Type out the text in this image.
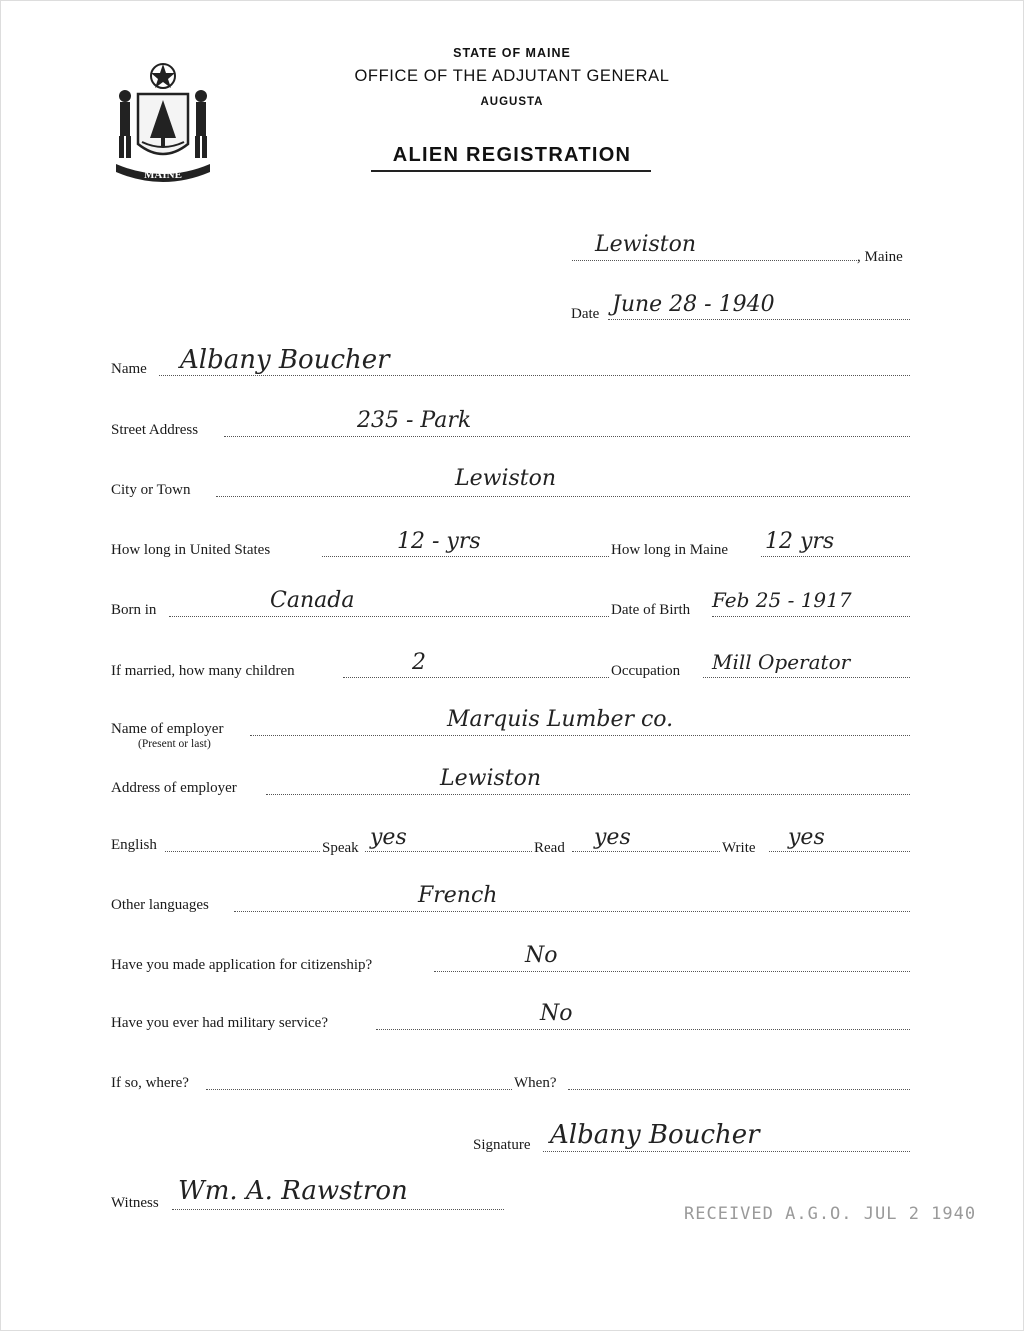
MAINE
STATE OF MAINE
OFFICE OF THE ADJUTANT GENERAL
AUGUSTA
ALIEN REGISTRATION
Lewiston	, Maine
Date June 28 - 1940
Name Albany Boucher
Street Address	235 - Park
City or Town	Lewiston
How long in United States	12 - yrs	How long in Maine 12 yrs
Born in	Canada	Date of Birth Feb 25 - 1917
If married, how many children	2	Occupation Mill Operator
Name of employer
(Present or last)
Marquis Lumber co.
Address of employer	Lewiston
English	Speak yes	Read yes	Write yes
Other languages	French
Have you made application for citizenship?	No
Have you ever had military service?	No
If so, where?	When?
Signature Albany Boucher
Witness Wm. A. Rawstron
RECEIVED A.G.O. JUL 2 1940
